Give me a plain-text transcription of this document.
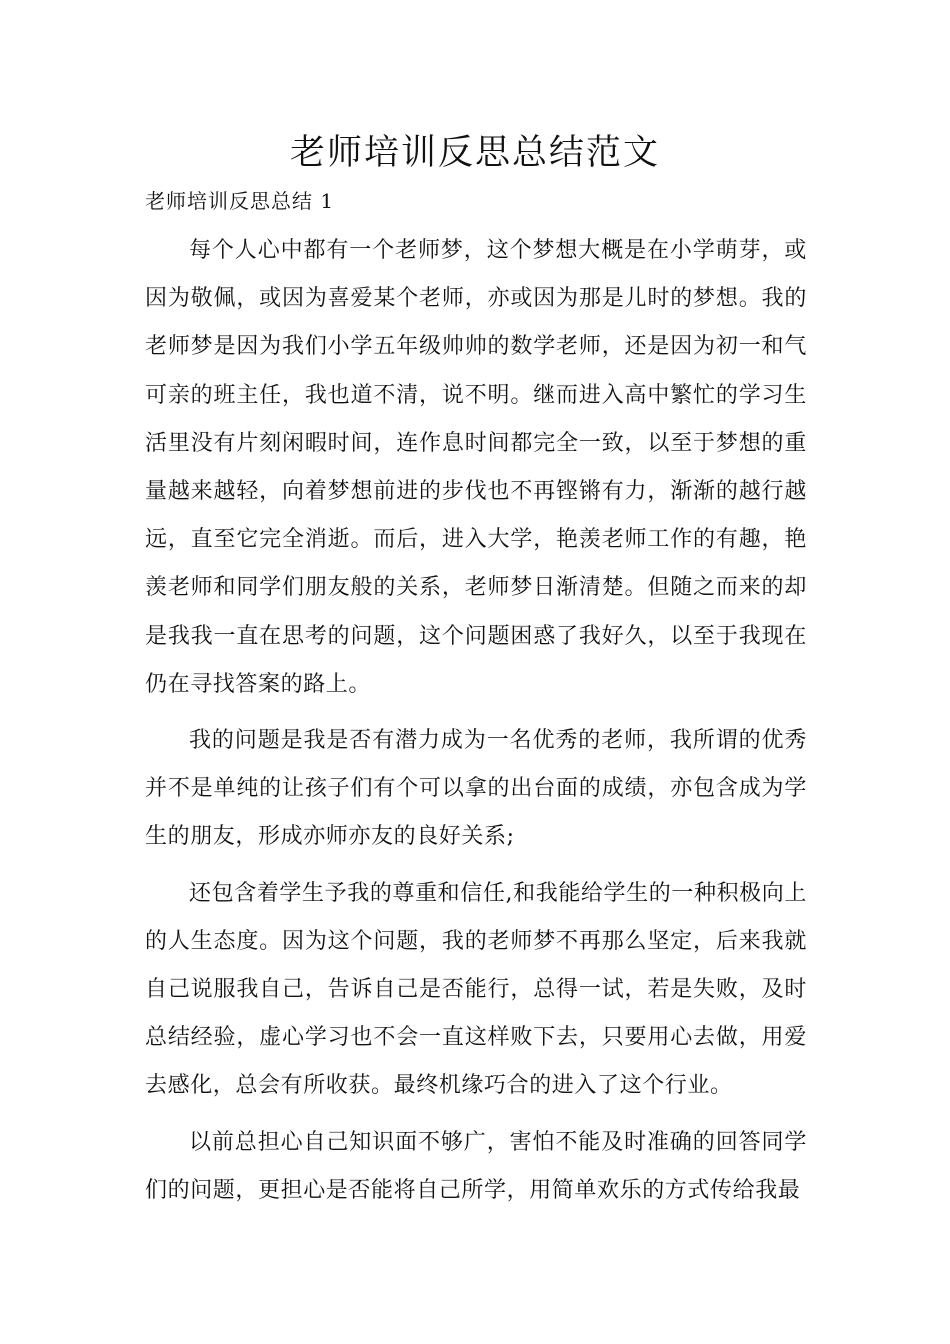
老师培训反思总结范文
老师培训反思总结 1

每个人心中都有一个老师梦，这个梦想大概是在小学萌芽，或因为敬佩，或因为喜爱某个老师，亦或因为那是儿时的梦想。我的老师梦是因为我们小学五年级帅帅的数学老师，还是因为初一和气可亲的班主任，我也道不清，说不明。继而进入高中繁忙的学习生活里没有片刻闲暇时间，连作息时间都完全一致，以至于梦想的重量越来越轻，向着梦想前进的步伐也不再铿锵有力，渐渐的越行越远，直至它完全消逝。而后，进入大学，艳羡老师工作的有趣，艳羡老师和同学们朋友般的关系，老师梦日渐清楚。但随之而来的却是我我一直在思考的问题，这个问题困惑了我好久，以至于我现在仍在寻找答案的路上。

我的问题是我是否有潜力成为一名优秀的老师，我所谓的优秀并不是单纯的让孩子们有个可以拿的出台面的成绩，亦包含成为学生的朋友，形成亦师亦友的良好关系;

还包含着学生予我的尊重和信任,和我能给学生的一种积极向上的人生态度。因为这个问题，我的老师梦不再那么坚定，后来我就自己说服我自己，告诉自己是否能行，总得一试，若是失败，及时总结经验，虚心学习也不会一直这样败下去，只要用心去做，用爱去感化，总会有所收获。最终机缘巧合的进入了这个行业。

以前总担心自己知识面不够广，害怕不能及时准确的回答同学们的问题，更担心是否能将自己所学，用简单欢乐的方式传给我最
